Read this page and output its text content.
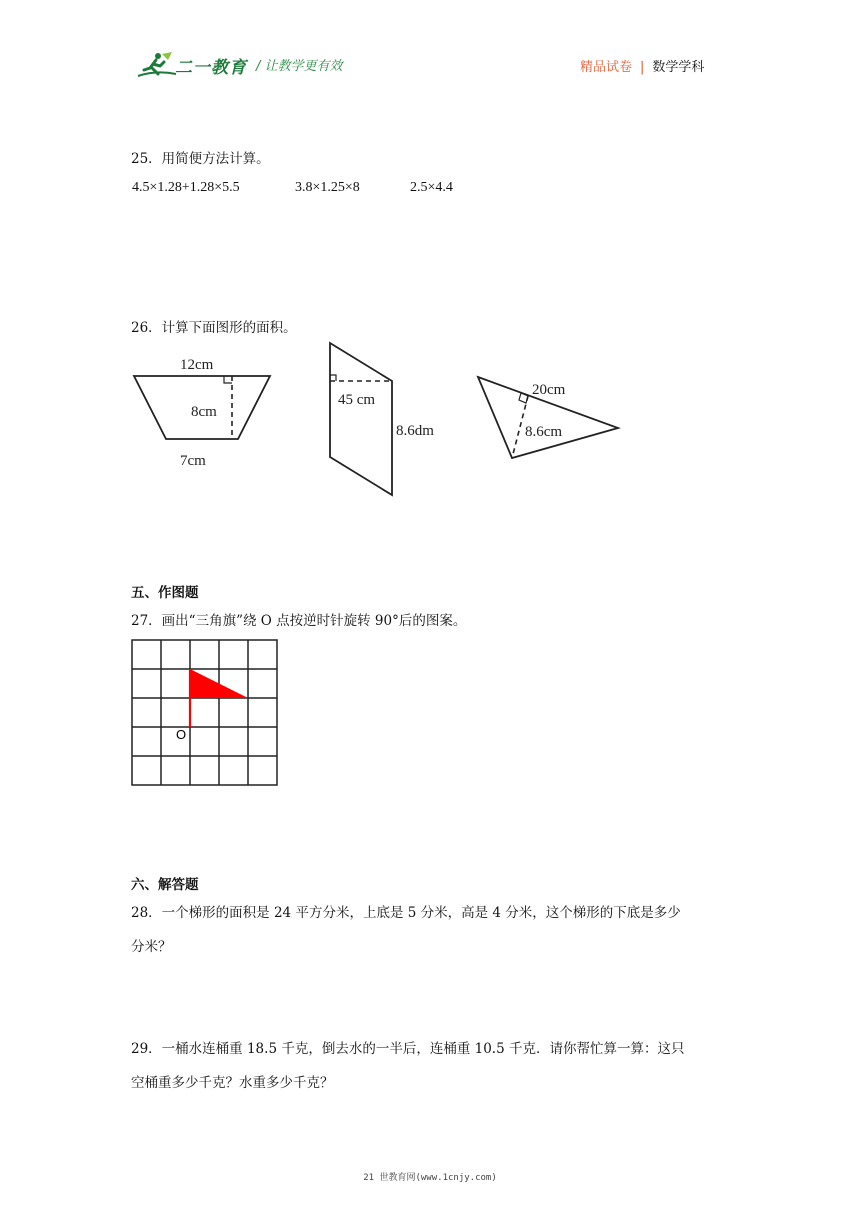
二一教育 / 让教学更有效	精品试卷 | 数学学科
25．用简便方法计算。
4.5×1.28+1.28×5.5	3.8×1.25×8	2.5×4.4
26．计算下面图形的面积。
12cm
8cm
7cm
45 cm
8.6dm
20cm
8.6cm
五、作图题
27．画出“三角旗”绕 O 点按逆时针旋转 90°后的图案。
O
六、解答题
28．一个梯形的面积是 24 平方分米，上底是 5 分米，高是 4 分米，这个梯形的下底是多少
分米？
29．一桶水连桶重 18.5 千克，倒去水的一半后，连桶重 10.5 千克．请你帮忙算一算：这只
空桶重多少千克？水重多少千克？
21 世教育网(www.1cnjy.com)
